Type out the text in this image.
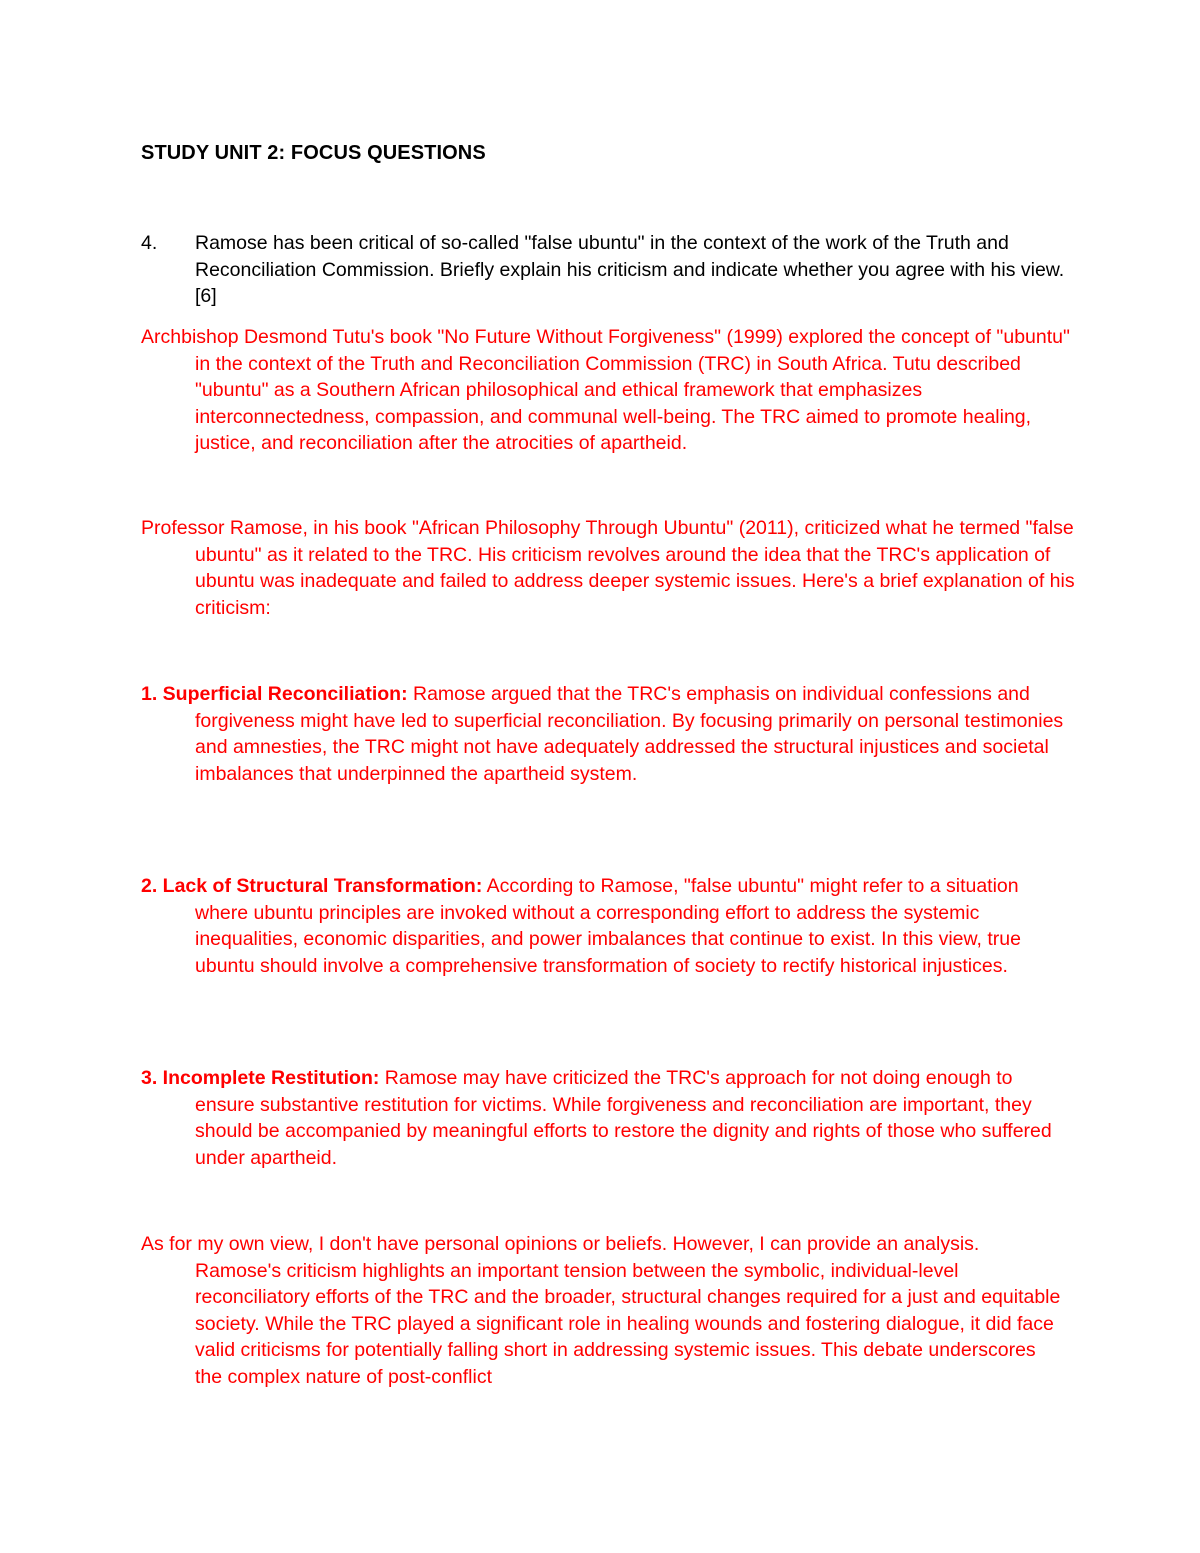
STUDY UNIT 2: FOCUS QUESTIONS
4. Ramose has been critical of so-called "false ubuntu" in the context of the work of the Truth and Reconciliation Commission. Briefly explain his criticism and indicate whether you agree with his view. [6]
Archbishop Desmond Tutu's book "No Future Without Forgiveness" (1999) explored the concept of "ubuntu" in the context of the Truth and Reconciliation Commission (TRC) in South Africa. Tutu described "ubuntu" as a Southern African philosophical and ethical framework that emphasizes interconnectedness, compassion, and communal well-being. The TRC aimed to promote healing, justice, and reconciliation after the atrocities of apartheid.
Professor Ramose, in his book "African Philosophy Through Ubuntu" (2011), criticized what he termed "false ubuntu" as it related to the TRC. His criticism revolves around the idea that the TRC's application of ubuntu was inadequate and failed to address deeper systemic issues. Here's a brief explanation of his criticism:
1. Superficial Reconciliation: Ramose argued that the TRC's emphasis on individual confessions and forgiveness might have led to superficial reconciliation. By focusing primarily on personal testimonies and amnesties, the TRC might not have adequately addressed the structural injustices and societal imbalances that underpinned the apartheid system.
2. Lack of Structural Transformation: According to Ramose, "false ubuntu" might refer to a situation where ubuntu principles are invoked without a corresponding effort to address the systemic inequalities, economic disparities, and power imbalances that continue to exist. In this view, true ubuntu should involve a comprehensive transformation of society to rectify historical injustices.
3. Incomplete Restitution: Ramose may have criticized the TRC's approach for not doing enough to ensure substantive restitution for victims. While forgiveness and reconciliation are important, they should be accompanied by meaningful efforts to restore the dignity and rights of those who suffered under apartheid.
As for my own view, I don't have personal opinions or beliefs. However, I can provide an analysis. Ramose's criticism highlights an important tension between the symbolic, individual-level reconciliatory efforts of the TRC and the broader, structural changes required for a just and equitable society. While the TRC played a significant role in healing wounds and fostering dialogue, it did face valid criticisms for potentially falling short in addressing systemic issues. This debate underscores the complex nature of post-conflict
